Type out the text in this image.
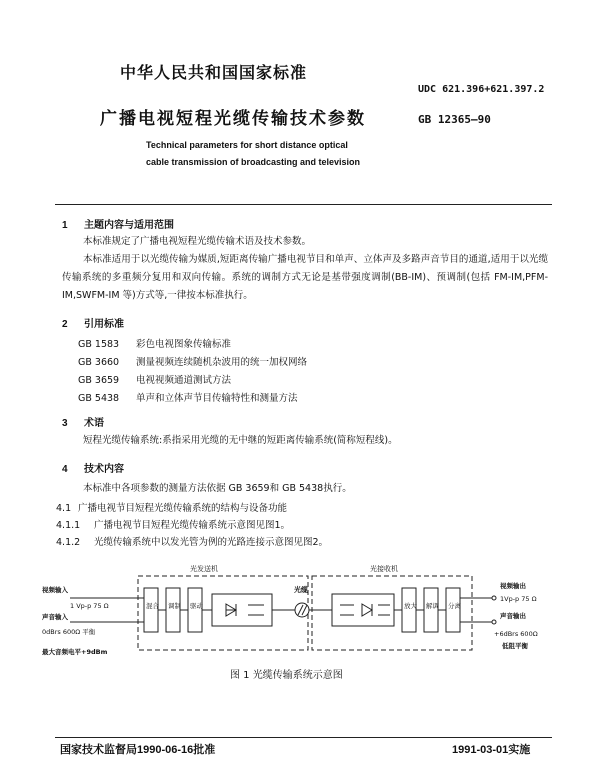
中华人民共和国国家标准
UDC 621.396+621.397.2
广播电视短程光缆传输技术参数	GB 12365—90
Technical parameters for short distance optical
cable transmission of broadcasting and television
1 主题内容与适用范围
本标准规定了广播电视短程光缆传输术语及技术参数。
本标准适用于以光缆传输为媒质,短距离传输广播电视节目和单声、立体声及多路声音节目的通道,适用于以光缆传输系统的多重频分复用和双向传输。系统的调制方式无论是基带强度调制(BB-IM)、预调制(包括 FM-IM,PFM-IM,SWFM-IM 等)方式等,一律按本标准执行。
2 引用标准
GB 1583 彩色电视图象传输标准
GB 3660 测量视频连续随机杂波用的统一加权网络
GB 3659 电视视频通道测试方法
GB 5438 单声和立体声节目传输特性和测量方法
3 术语
短程光缆传输系统:系指采用光缆的无中继的短距离传输系统(简称短程线)。
4 技术内容
本标准中各项参数的测量方法依据 GB 3659和 GB 5438执行。
4.1 广播电视节目短程光缆传输系统的结构与设备功能
4.1.1 广播电视节目短程光缆传输系统示意图见图1。
4.1.2 光缆传输系统中以发光管为例的光路连接示意图见图2。
光发送机	光接收机
视频输入
1 Vp-p 75 Ω
声音输入
0dBrs 600Ω 平衡
最大音频电平+9dBm
混合 调制 驱动
光缆
放大 解调 分离
视频输出
1Vp-p 75 Ω
声音输出
+6dBrs 600Ω
低阻平衡
图 1 光缆传输系统示意图
国家技术监督局1990-06-16批准	1991-03-01实施
